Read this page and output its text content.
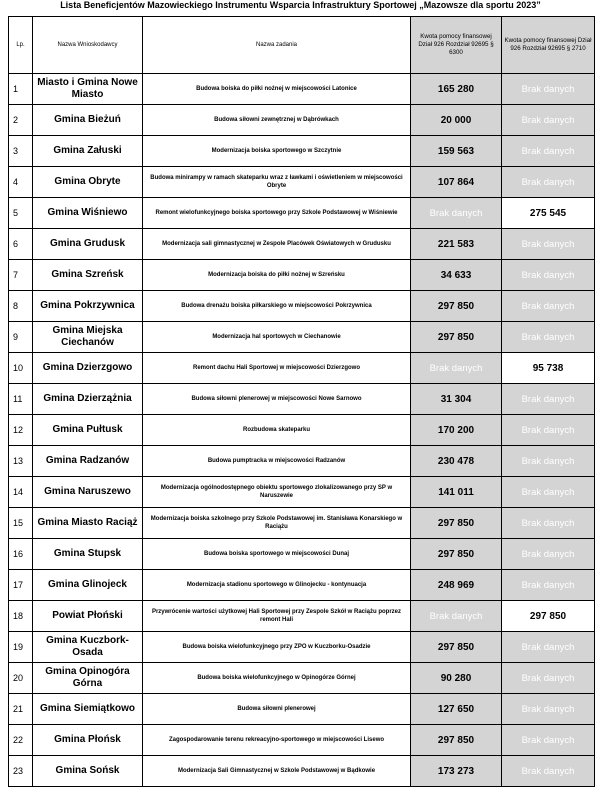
Lista Beneficjentów Mazowieckiego Instrumentu Wsparcia Infrastruktury Sportowej „Mazowsze dla sportu 2023”
Lp.	Nazwa Wnioskodawcy	Nazwa zadania	Kwota pomocy finansowej Dział 926 Rozdział 92695 § 6300	Kwota pomocy finansowej Dział 926 Rozdział 92695 § 2710
1	Miasto i Gmina Nowe Miasto	Budowa boiska do piłki nożnej w miejscowości Latonice	165 280	Brak danych
2	Gmina Bieżuń	Budowa siłowni zewnętrznej w Dąbrówkach	20 000	Brak danych
3	Gmina Załuski	Modernizacja boiska sportowego w Szczytnie	159 563	Brak danych
4	Gmina Obryte	Budowa minirampy w ramach skateparku wraz z ławkami i oświetleniem w miejscowości Obryte	107 864	Brak danych
5	Gmina Wiśniewo	Remont wielofunkcyjnego boiska sportowego przy Szkole Podstawowej w Wiśniewie	Brak danych	275 545
6	Gmina Grudusk	Modernizacja sali gimnastycznej w Zespole Placówek Oświatowych w Grudusku	221 583	Brak danych
7	Gmina Szreńsk	Modernizacja boiska do piłki nożnej w Szreńsku	34 633	Brak danych
8	Gmina Pokrzywnica	Budowa drenażu boiska piłkarskiego w miejscowości Pokrzywnica	297 850	Brak danych
9	Gmina Miejska Ciechanów	Modernizacja hal sportowych w Ciechanowie	297 850	Brak danych
10	Gmina Dzierzgowo	Remont dachu Hali Sportowej w miejscowości Dzierzgowo	Brak danych	95 738
11	Gmina Dzierzążnia	Budowa siłowni plenerowej w miejscowości Nowe Sarnowo	31 304	Brak danych
12	Gmina Pułtusk	Rozbudowa skateparku	170 200	Brak danych
13	Gmina Radzanów	Budowa pumptracka w miejscowości Radzanów	230 478	Brak danych
14	Gmina Naruszewo	Modernizacja ogólnodostępnego obiektu sportowego zlokalizowanego przy SP w Naruszewie	141 011	Brak danych
15	Gmina Miasto Raciąż	Modernizacja boiska szkolnego przy Szkole Podstawowej im. Stanisława Konarskiego w Raciążu	297 850	Brak danych
16	Gmina Stupsk	Budowa boiska sportowego w miejscowości Dunaj	297 850	Brak danych
17	Gmina Glinojeck	Modernizacja stadionu sportowego w Glinojecku - kontynuacja	248 969	Brak danych
18	Powiat Płoński	Przywrócenie wartości użytkowej Hali Sportowej przy Zespole Szkół w Raciążu poprzez remont Hali	Brak danych	297 850
19	Gmina Kuczbork-Osada	Budowa boiska wielofunkcyjnego przy ZPO w Kuczborku-Osadzie	297 850	Brak danych
20	Gmina Opinogóra Górna	Budowa boiska wielofunkcyjnego w Opinogórze Górnej	90 280	Brak danych
21	Gmina Siemiątkowo	Budowa siłowni plenerowej	127 650	Brak danych
22	Gmina Płońsk	Zagospodarowanie terenu rekreacyjno-sportowego w miejscowości Lisewo	297 850	Brak danych
23	Gmina Sońsk	Modernizacja Sali Gimnastycznej w Szkole Podstawowej w Bądkowie	173 273	Brak danych
